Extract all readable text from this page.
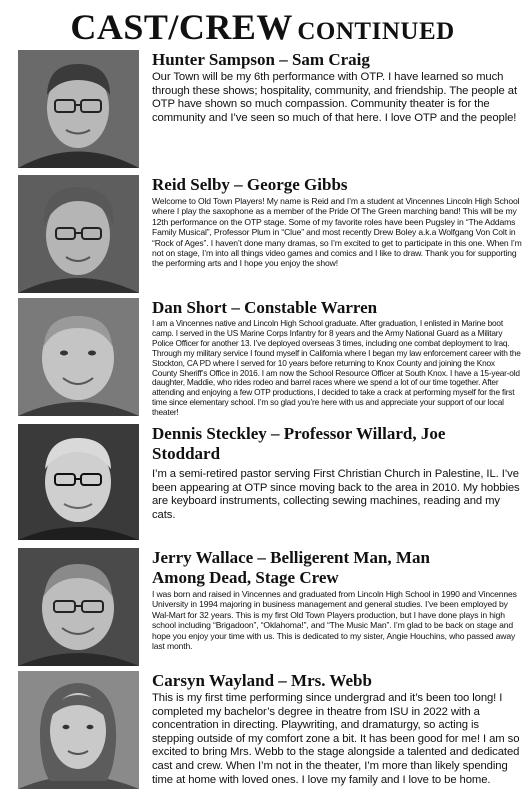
CAST/CREW CONTINUED

Hunter Sampson – Sam Craig

Our Town will be my 6th performance with OTP. I have learned so much through these shows; hospitality, community, and friendship. The people at OTP have shown so much compassion. Community theater is for the community and I’ve seen so much of that here. I love OTP and the people!

Reid Selby – George Gibbs

Welcome to Old Town Players! My name is Reid and I’m a student at Vincennes Lincoln High School where I play the saxophone as a member of the Pride Of The Green marching band! This will be my 12th performance on the OTP stage. Some of my favorite roles have been Pugsley in “The Addams Family Musical”, Professor Plum in “Clue” and most recently Drew Boley a.k.a Wolfgang Von Colt in “Rock of Ages”. I haven’t done many dramas, so I’m excited to get to participate in this one. When I’m not on stage, I’m into all things video games and comics and I like to draw. Thank you for supporting the performing arts and I hope you enjoy the show!

Dan Short – Constable Warren

I am a Vincennes native and Lincoln High School graduate. After graduation, I enlisted in Marine boot camp. I served in the US Marine Corps Infantry for 8 years and the Army National Guard as a Military Police Officer for another 13. I’ve deployed overseas 3 times, including one combat deployment to Iraq. Through my military service I found myself in California where I began my law enforcement career with the Stockton, CA PD where I served for 10 years before returning to Knox County and joining the Knox County Sheriff’s Office in 2016. I am now the School Resource Officer at South Knox. I have a 15-year-old daughter, Maddie, who rides rodeo and barrel races where we spend a lot of our time together. After attending and enjoying a few OTP productions, I decided to take a crack at performing myself for the first time since elementary school. I’m so glad you’re here with us and appreciate your support of our local theater!

Dennis Steckley – Professor Willard, Joe Stoddard

I’m a semi-retired pastor serving First Christian Church in Palestine, IL. I’ve been appearing at OTP since moving back to the area in 2010. My hobbies are keyboard instruments, collecting sewing machines, reading and my cats.

Jerry Wallace – Belligerent Man, Man Among Dead, Stage Crew

I was born and raised in Vincennes and graduated from Lincoln High School in 1990 and Vincennes University in 1994 majoring in business management and general studies. I’ve been employed by Wal-Mart for 32 years. This is my first Old Town Players production, but I have done plays in high school including “Brigadoon”, “Oklahoma!”, and “The Music Man”. I’m glad to be back on stage and hope you enjoy your time with us. This is dedicated to my sister, Angie Houchins, who passed away last month.

Carsyn Wayland – Mrs. Webb

This is my first time performing since undergrad and it’s been too long! I completed my bachelor’s degree in theatre from ISU in 2022 with a concentration in directing. Playwriting, and dramaturgy, so acting is stepping outside of my comfort zone a bit. It has been good for me! I am so excited to bring Mrs. Webb to the stage alongside a talented and dedicated cast and crew. When I’m not in the theater, I’m more than likely spending time at home with loved ones. I love my family and I love to be home.
